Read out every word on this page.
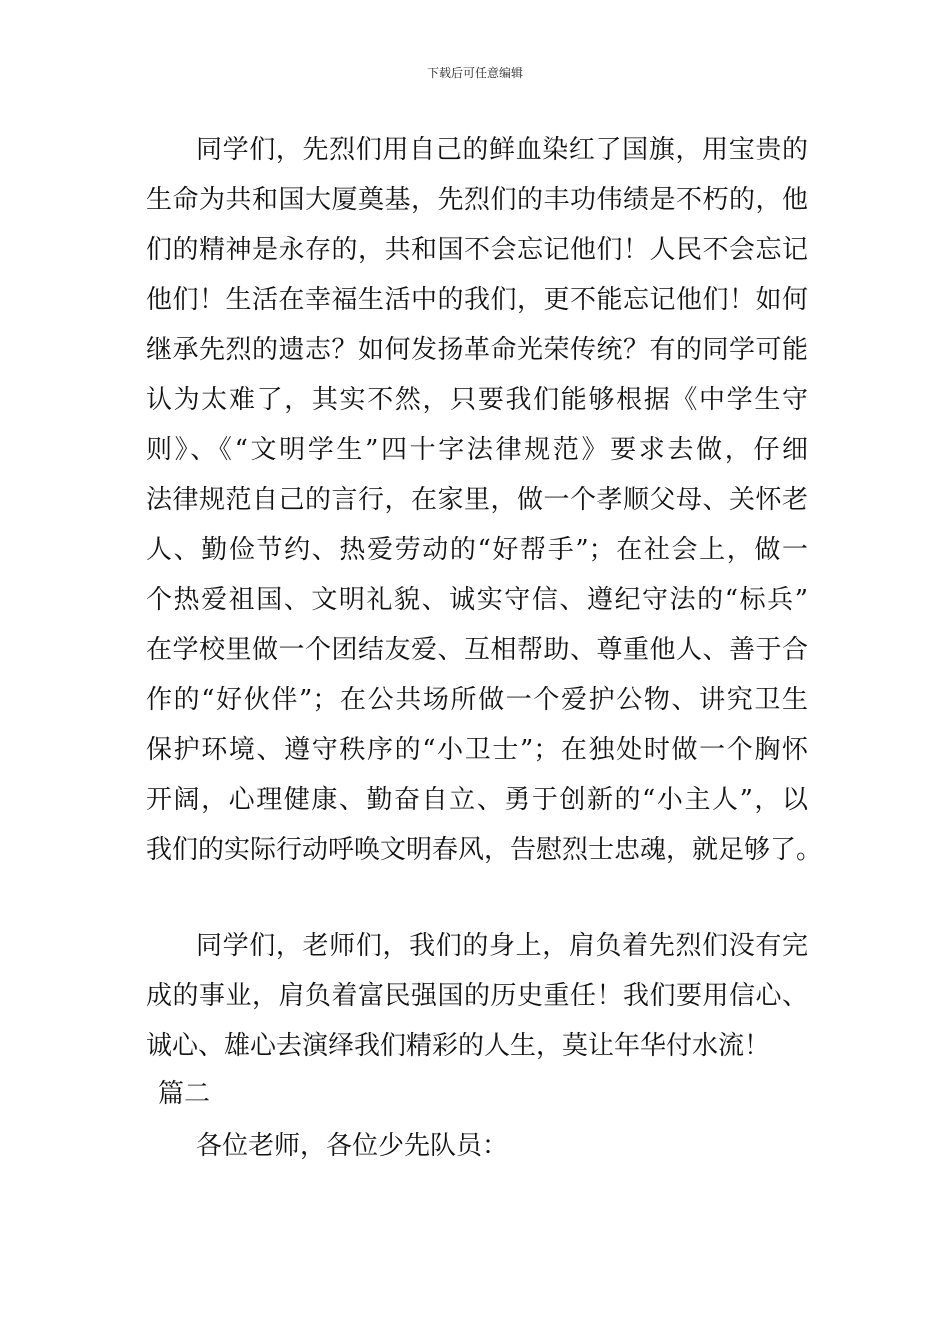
下载后可任意编辑
同学们，先烈们用自己的鲜血染红了国旗，用宝贵的
生命为共和国大厦奠基，先烈们的丰功伟绩是不朽的，他
们的精神是永存的，共和国不会忘记他们！人民不会忘记
他们！生活在幸福生活中的我们，更不能忘记他们！如何
继承先烈的遗志？如何发扬革命光荣传统？有的同学可能
认为太难了，其实不然，只要我们能够根据《中学生守
则》、《“文明学生”四十字法律规范》要求去做，仔细
法律规范自己的言行，在家里，做一个孝顺父母、关怀老
人、勤俭节约、热爱劳动的“好帮手”；在社会上，做一
个热爱祖国、文明礼貌、诚实守信、遵纪守法的“标兵”
在学校里做一个团结友爱、互相帮助、尊重他人、善于合
作的“好伙伴”；在公共场所做一个爱护公物、讲究卫生
保护环境、遵守秩序的“小卫士”；在独处时做一个胸怀
开阔，心理健康、勤奋自立、勇于创新的“小主人”，以
我们的实际行动呼唤文明春风，告慰烈士忠魂，就足够了。
同学们，老师们，我们的身上，肩负着先烈们没有完
成的事业，肩负着富民强国的历史重任！我们要用信心、
诚心、雄心去演绎我们精彩的人生，莫让年华付水流！
篇二
各位老师，各位少先队员：
